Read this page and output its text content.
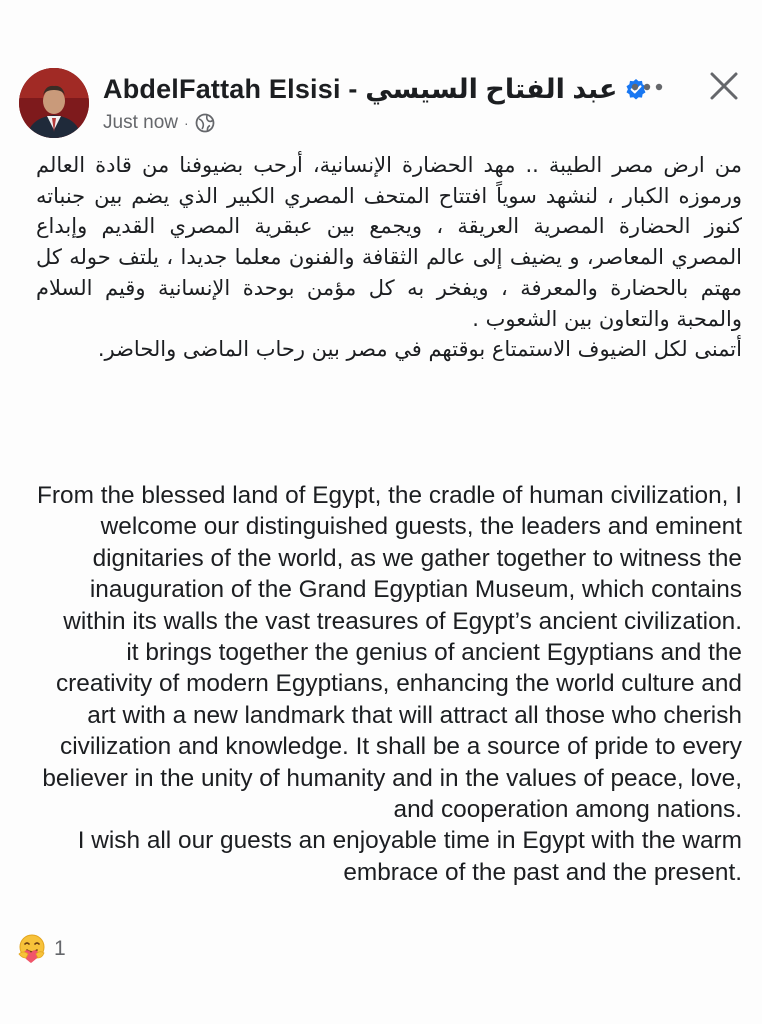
AbdelFattah Elsisi - عبد الفتاح السيسي
Just now ·
من ارض مصر الطيبة .. مهد الحضارة الإنسانية، أرحب بضيوفنا من قادة العالم ورموزه الكبار ، لنشهد سوياً افتتاح المتحف المصري الكبير الذي يضم بين جنباته كنوز الحضارة المصرية العريقة ، ويجمع بين عبقرية المصري القديم وإبداع المصري المعاصر، و يضيف إلى عالم الثقافة والفنون معلما جديدا ، يلتف حوله كل مهتم بالحضارة والمعرفة ، ويفخر به كل مؤمن بوحدة الإنسانية وقيم السلام والمحبة والتعاون بين الشعوب .
أتمنى لكل الضيوف الاستمتاع بوقتهم في مصر بين رحاب الماضى والحاضر.
From the blessed land of Egypt, the cradle of human civilization, I welcome our distinguished guests, the leaders and eminent dignitaries of the world, as we gather together to witness the inauguration of the Grand Egyptian Museum, which contains within its walls the vast treasures of Egypt’s ancient civilization.
it brings together the genius of ancient Egyptians and the creativity of modern Egyptians, enhancing the world culture and art with a new landmark that will attract all those who cherish civilization and knowledge. It shall be a source of pride to every believer in the unity of humanity and in the values of peace, love, and cooperation among nations.
I wish all our guests an enjoyable time in Egypt with the warm embrace of the past and the present.
1
